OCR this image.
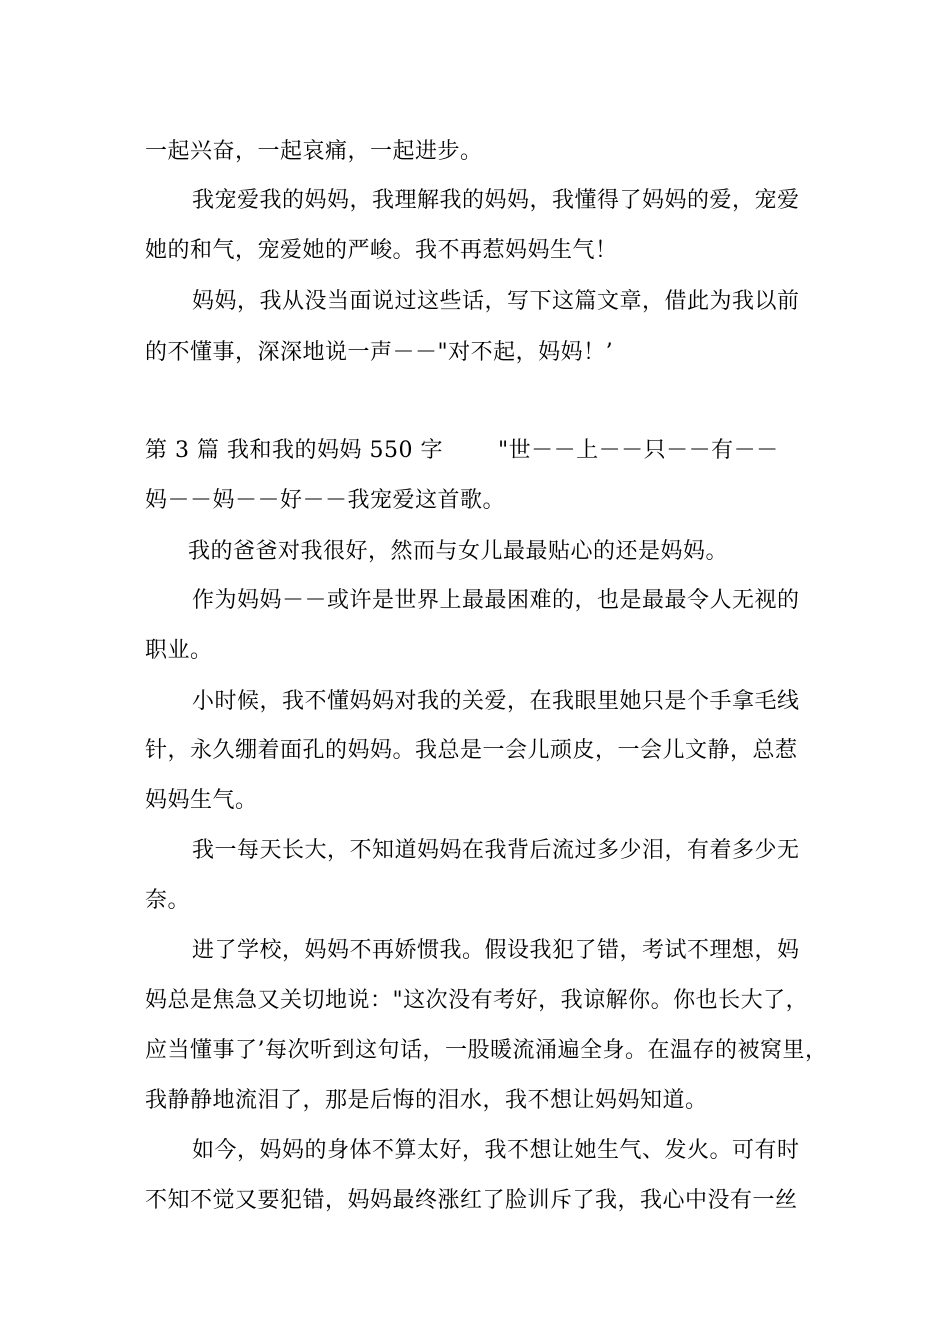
一起兴奋，一起哀痛，一起进步。
我宠爱我的妈妈，我理解我的妈妈，我懂得了妈妈的爱，宠爱
她的和气，宠爱她的严峻。我不再惹妈妈生气！
妈妈，我从没当面说过这些话，写下这篇文章，借此为我以前
的不懂事，深深地说一声－－"对不起，妈妈！’
第 3 篇 我和我的妈妈 550 字	"世－－上－－只－－有－－
妈－－妈－－好－－我宠爱这首歌。
我的爸爸对我很好，然而与女儿最最贴心的还是妈妈。
作为妈妈－－或许是世界上最最困难的，也是最最令人无视的
职业。
小时候，我不懂妈妈对我的关爱，在我眼里她只是个手拿毛线
针，永久绷着面孔的妈妈。我总是一会儿顽皮，一会儿文静，总惹
妈妈生气。
我一每天长大，不知道妈妈在我背后流过多少泪，有着多少无
奈。
进了学校，妈妈不再娇惯我。假设我犯了错，考试不理想，妈
妈总是焦急又关切地说："这次没有考好，我谅解你。你也长大了，
应当懂事了’每次听到这句话，一股暖流涌遍全身。在温存的被窝里，
我静静地流泪了，那是后悔的泪水，我不想让妈妈知道。
如今，妈妈的身体不算太好，我不想让她生气、发火。可有时
不知不觉又要犯错，妈妈最终涨红了脸训斥了我，我心中没有一丝
